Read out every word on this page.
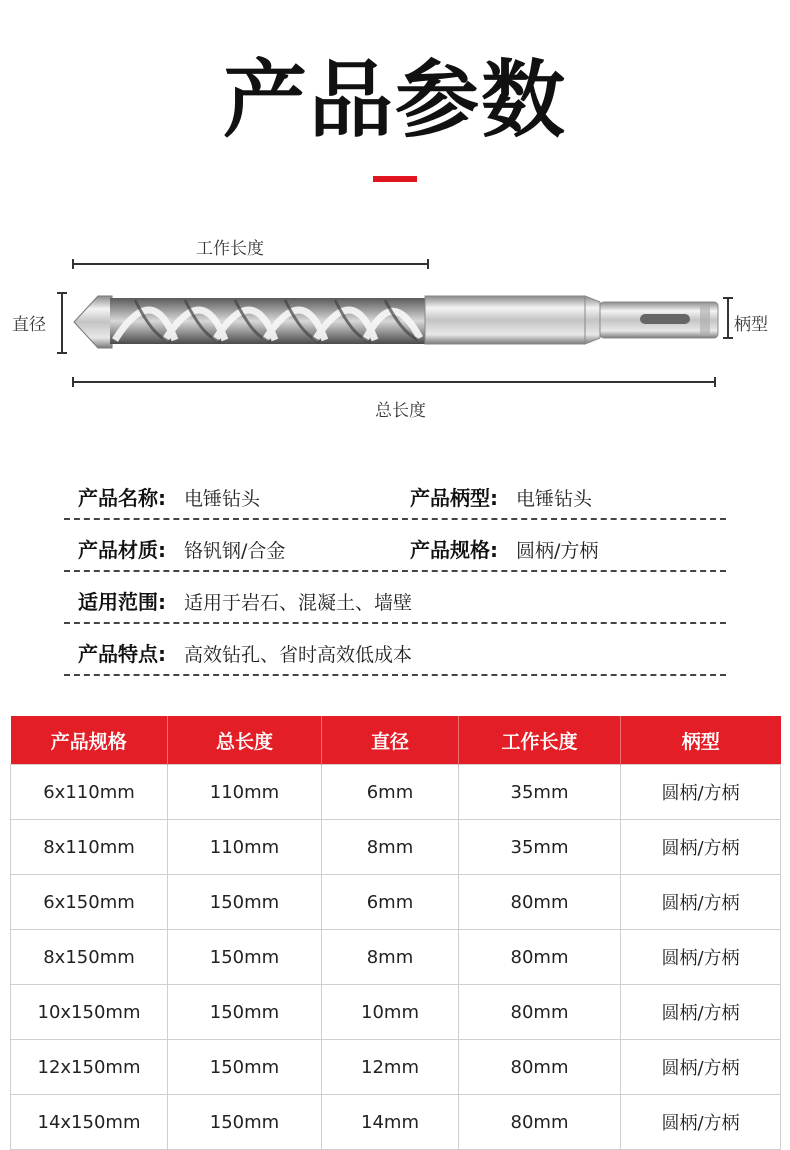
产品参数
工作长度
直径	柄型
总长度
产品名称: 电锤钻头	产品柄型: 电锤钻头
产品材质: 铬钒钢/合金	产品规格: 圆柄/方柄
适用范围: 适用于岩石、混凝土、墙壁
产品特点: 高效钻孔、省时高效低成本
产品规格	总长度	直径	工作长度	柄型
6x110mm	110mm	6mm	35mm	圆柄/方柄
8x110mm	110mm	8mm	35mm	圆柄/方柄
6x150mm	150mm	6mm	80mm	圆柄/方柄
8x150mm	150mm	8mm	80mm	圆柄/方柄
10x150mm	150mm	10mm	80mm	圆柄/方柄
12x150mm	150mm	12mm	80mm	圆柄/方柄
14x150mm	150mm	14mm	80mm	圆柄/方柄
